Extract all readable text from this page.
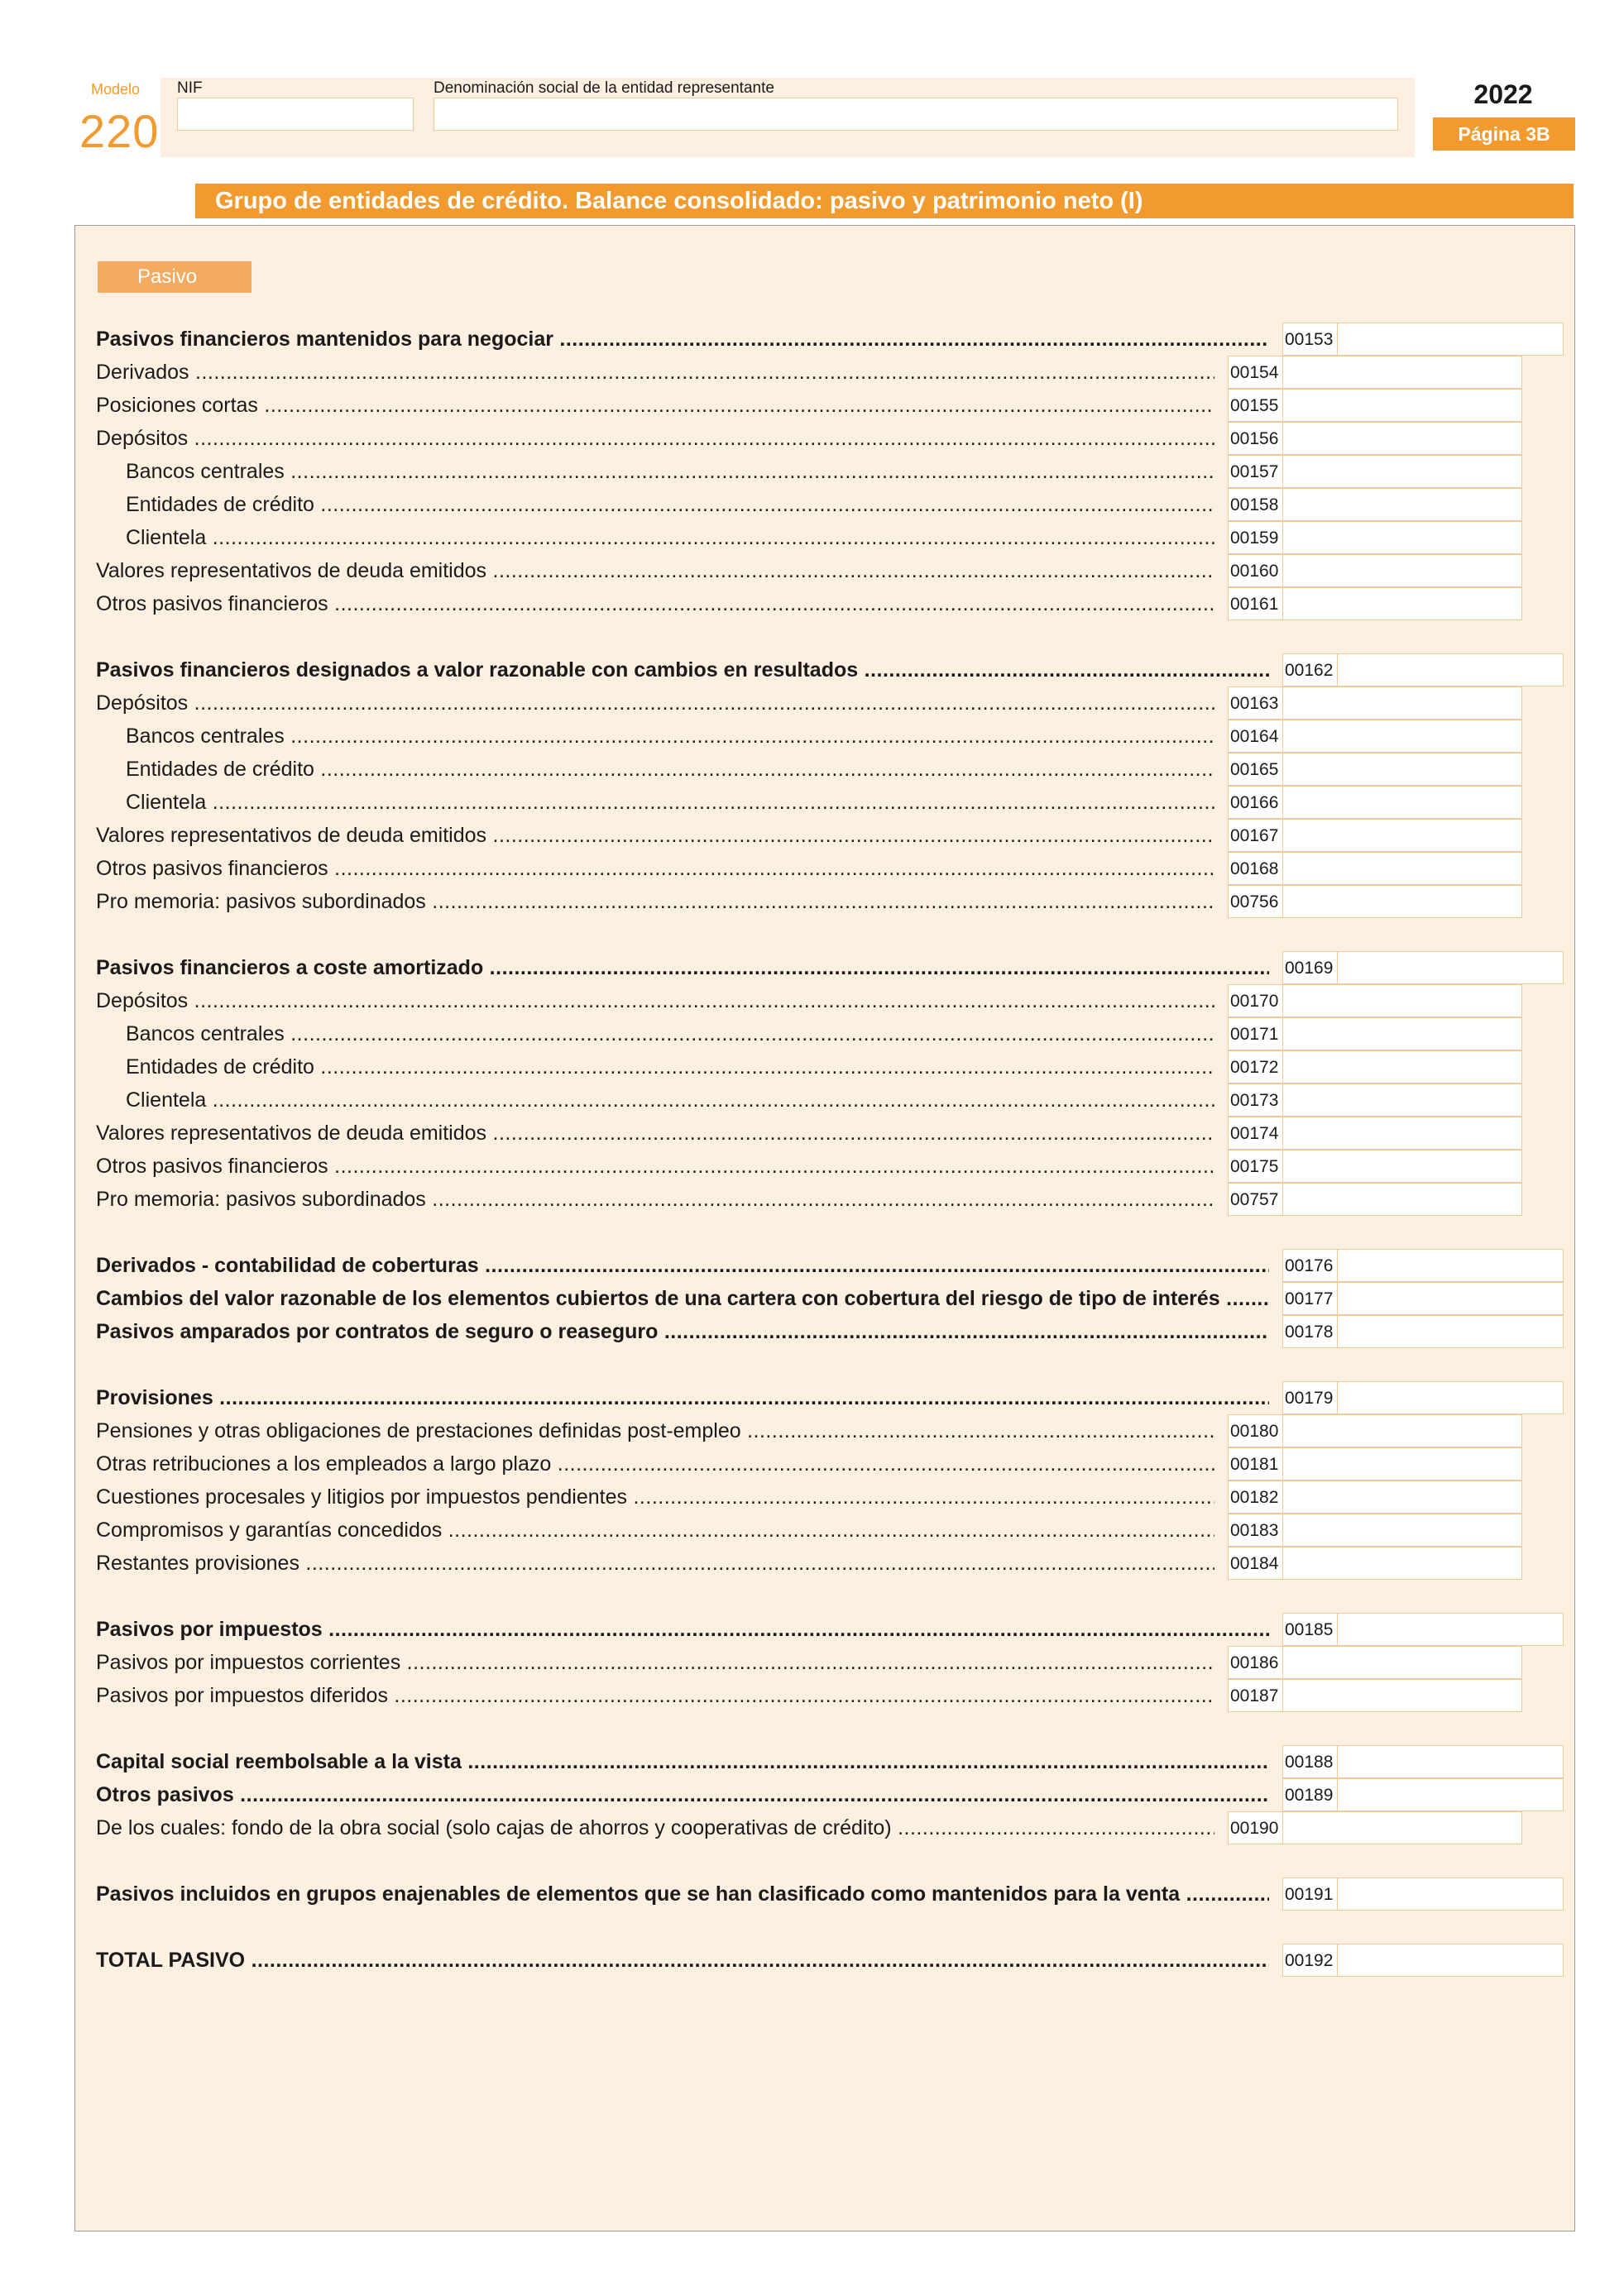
Modelo
220
NIF	Denominación social de la entidad representante	2022
Página 3B
Grupo de entidades de crédito. Balance consolidado: pasivo y patrimonio neto (I)
Pasivo
Pasivos financieros mantenidos para negociar .....	00153
Derivados .....	00154
Posiciones cortas .....	00155
Depósitos .....	00156
Bancos centrales .....	00157
Entidades de crédito .....	00158
Clientela .....	00159
Valores representativos de deuda emitidos .....	00160
Otros pasivos financieros .....	00161
Pasivos financieros designados a valor razonable con cambios en resultados .....	00162
Depósitos .....	00163
Bancos centrales .....	00164
Entidades de crédito .....	00165
Clientela .....	00166
Valores representativos de deuda emitidos .....	00167
Otros pasivos financieros .....	00168
Pro memoria: pasivos subordinados .....	00756
Pasivos financieros a coste amortizado .....	00169
Depósitos .....	00170
Bancos centrales .....	00171
Entidades de crédito .....	00172
Clientela .....	00173
Valores representativos de deuda emitidos .....	00174
Otros pasivos financieros .....	00175
Pro memoria: pasivos subordinados .....	00757
Derivados - contabilidad de coberturas .....	00176
Cambios del valor razonable de los elementos cubiertos de una cartera con cobertura del riesgo de tipo de interés .....	00177
Pasivos amparados por contratos de seguro o reaseguro .....	00178
Provisiones .....	00179
Pensiones y otras obligaciones de prestaciones definidas post-empleo .....	00180
Otras retribuciones a los empleados a largo plazo .....	00181
Cuestiones procesales y litigios por impuestos pendientes .....	00182
Compromisos y garantías concedidos .....	00183
Restantes provisiones .....	00184
Pasivos por impuestos .....	00185
Pasivos por impuestos corrientes .....	00186
Pasivos por impuestos diferidos .....	00187
Capital social reembolsable a la vista .....	00188
Otros pasivos .....	00189
De los cuales: fondo de la obra social (solo cajas de ahorros y cooperativas de crédito) .....	00190
Pasivos incluidos en grupos enajenables de elementos que se han clasificado como mantenidos para la venta .....	00191
TOTAL PASIVO .....	00192
